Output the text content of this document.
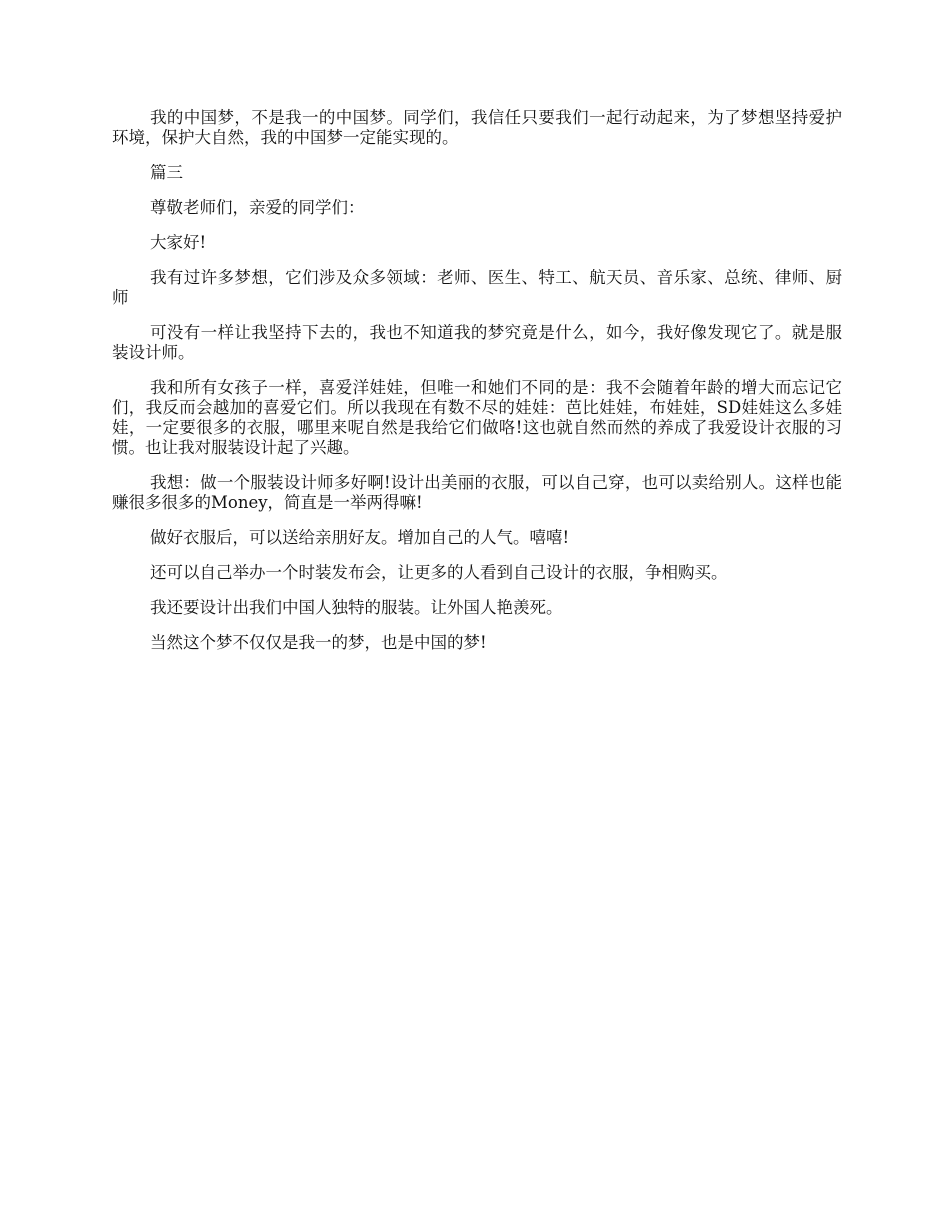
我的中国梦，不是我一的中国梦。同学们，我信任只要我们一起行动起来，为了梦想坚持爱护环境，保护大自然，我的中国梦一定能实现的。

篇三

尊敬老师们，亲爱的同学们：

大家好!

我有过许多梦想，它们涉及众多领域：老师、医生、特工、航天员、音乐家、总统、律师、厨师

可没有一样让我坚持下去的，我也不知道我的梦究竟是什么，如今，我好像发现它了。就是服装设计师。

我和所有女孩子一样，喜爱洋娃娃，但唯一和她们不同的是：我不会随着年龄的增大而忘记它们，我反而会越加的喜爱它们。所以我现在有数不尽的娃娃：芭比娃娃，布娃娃，SD娃娃这么多娃娃，一定要很多的衣服，哪里来呢自然是我给它们做咯!这也就自然而然的养成了我爱设计衣服的习惯。也让我对服装设计起了兴趣。

我想：做一个服装设计师多好啊!设计出美丽的衣服，可以自己穿，也可以卖给别人。这样也能赚很多很多的Money，简直是一举两得嘛!

做好衣服后，可以送给亲朋好友。增加自己的人气。嘻嘻!

还可以自己举办一个时装发布会，让更多的人看到自己设计的衣服，争相购买。

我还要设计出我们中国人独特的服装。让外国人艳羡死。

当然这个梦不仅仅是我一的梦，也是中国的梦!
